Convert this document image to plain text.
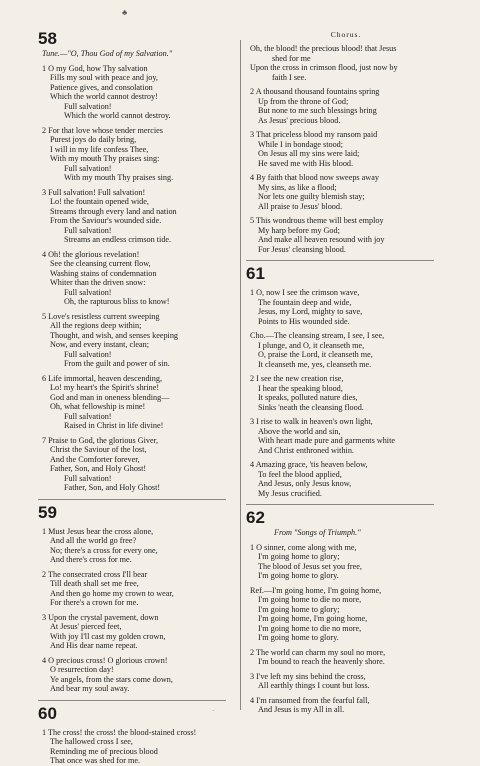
♣
58
Tune.—"O, Thou God of my Salvation."
1 O my God, how Thy salvation
Fills my soul with peace and joy,
Patience gives, and consolation
Which the world cannot destroy!
Full salvation!
Which the world cannot destroy.
2 For that love whose tender mercies
Purest joys do daily bring,
I will in my life confess Thee,
With my mouth Thy praises sing:
Full salvation!
With my mouth Thy praises sing.
3 Full salvation! Full salvation!
Lo! the fountain opened wide,
Streams through every land and nation
From the Saviour's wounded side.
Full salvation!
Streams an endless crimson tide.
4 Oh! the glorious revelation!
See the cleansing current flow,
Washing stains of condemnation
Whiter than the driven snow:
Full salvation!
Oh, the rapturous bliss to know!
5 Love's resistless current sweeping
All the regions deep within;
Thought, and wish, and senses keeping
Now, and every instant, clean;
Full salvation!
From the guilt and power of sin.
6 Life immortal, heaven descending,
Lo! my heart's the Spirit's shrine!
God and man in oneness blending—
Oh, what fellowship is mine!
Full salvation!
Raised in Christ in life divine!
7 Praise to God, the glorious Giver,
Christ the Saviour of the lost,
And the Comforter forever,
Father, Son, and Holy Ghost!
Full salvation!
Father, Son, and Holy Ghost!
59
1 Must Jesus bear the cross alone,
And all the world go free?
No; there's a cross for every one,
And there's cross for me.
2 The consecrated cross I'll bear
Till death shall set me free,
And then go home my crown to wear,
For there's a crown for me.
3 Upon the crystal pavement, down
At Jesus' pierced feet,
With joy I'll cast my golden crown,
And His dear name repeat.
4 O precious cross! O glorious crown!
O resurrection day!
Ye angels, from the stars come down,
And bear my soul away.
60
1 The cross! the cross! the blood-stained cross!
The hallowed cross I see,
Reminding me of precious blood
That once was shed for me.
Chorus.
Oh, the blood! the precious blood! that Jesus
shed for me
Upon the cross in crimson flood, just now by
faith I see.
2 A thousand thousand fountains spring
Up from the throne of God;
But none to me such blessings bring
As Jesus' precious blood.
3 That priceless blood my ransom paid
While I in bondage stood;
On Jesus all my sins were laid;
He saved me with His blood.
4 By faith that blood now sweeps away
My sins, as like a flood;
Nor lets one guilty blemish stay;
All praise to Jesus' blood.
5 This wondrous theme will best employ
My harp before my God;
And make all heaven resound with joy
For Jesus' cleansing blood.
61
1 O, now I see the crimson wave,
The fountain deep and wide,
Jesus, my Lord, mighty to save,
Points to His wounded side.
Cho.—The cleansing stream, I see, I see,
I plunge, and O, it cleanseth me,
O, praise the Lord, it cleanseth me,
It cleanseth me, yes, cleanseth me.
2 I see the new creation rise,
I hear the speaking blood,
It speaks, polluted nature dies,
Sinks 'neath the cleansing flood.
3 I rise to walk in heaven's own light,
Above the world and sin,
With heart made pure and garments white
And Christ enthroned within.
4 Amazing grace, 'tis heaven below,
To feel the blood applied,
And Jesus, only Jesus know,
My Jesus crucified.
62
From "Songs of Triumph."
1 O sinner, come along with me,
I'm going home to glory;
The blood of Jesus set you free,
I'm going home to glory.
Ref.—I'm going home, I'm going home,
I'm going home to die no more,
I'm going home to glory;
I'm going home, I'm going home,
I'm going home to die no more,
I'm going home to glory.
2 The world can charm my soul no more,
I'm bound to reach the heavenly shore.
3 I've left my sins behind the cross,
All earthly things I count but loss.
4 I'm ransomed from the fearful fall,
And Jesus is my All in all.
·
